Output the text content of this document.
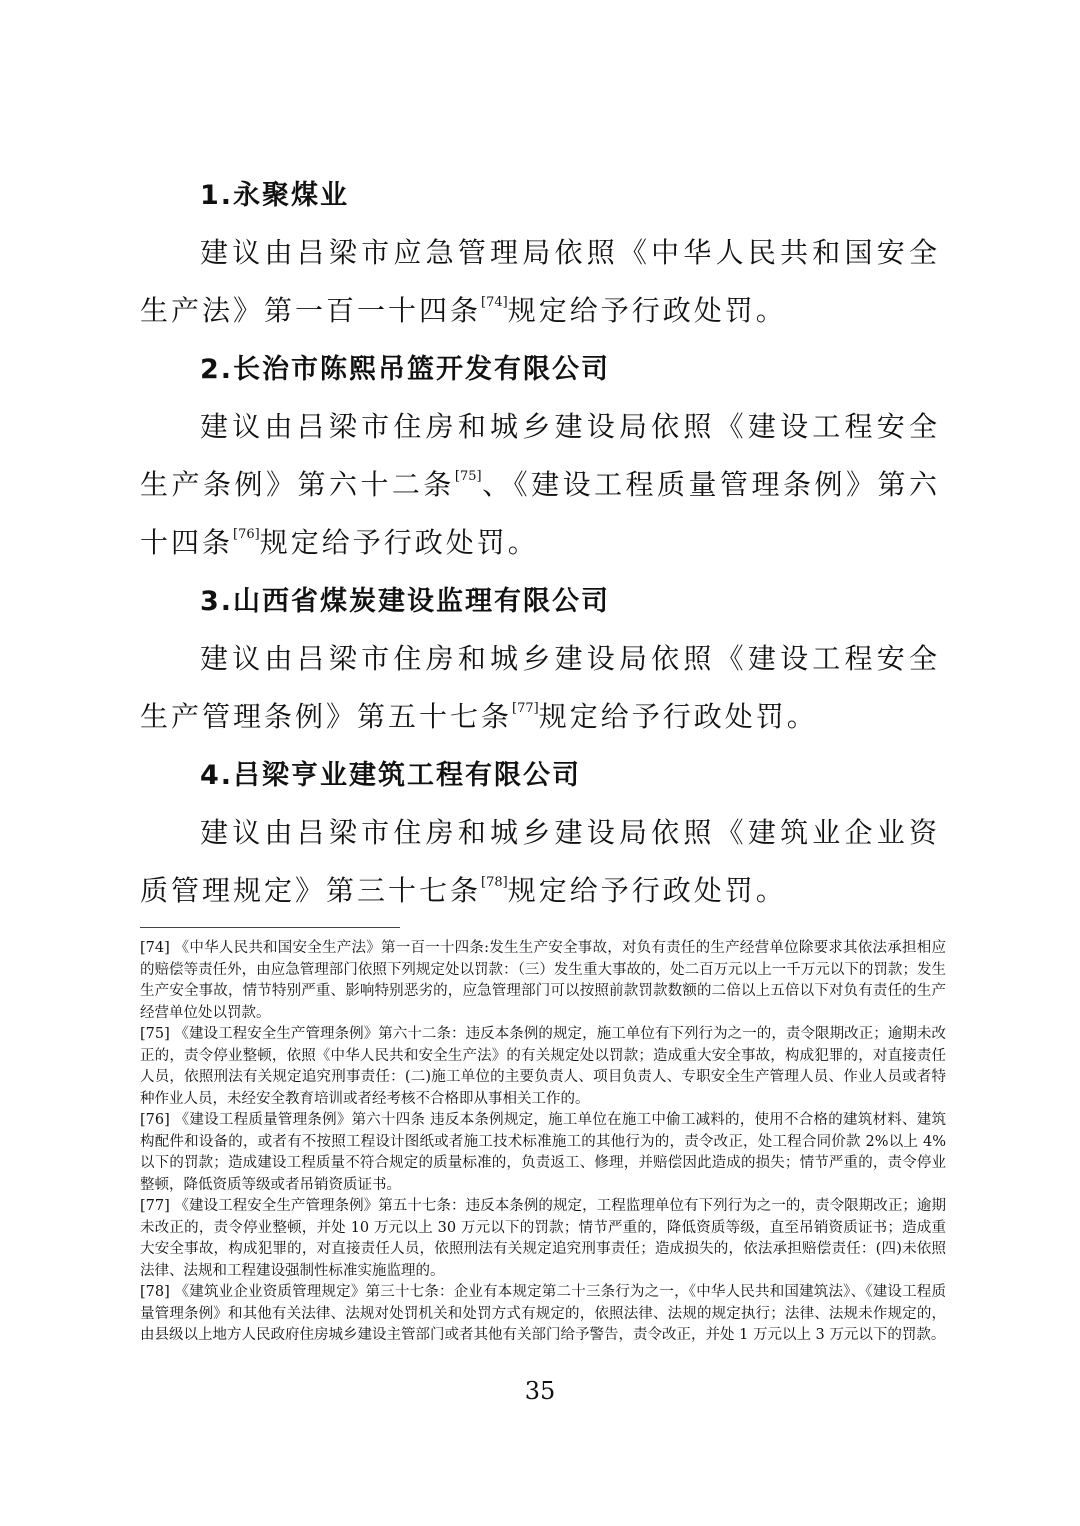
1.永聚煤业

建议由吕梁市应急管理局依照《中华人民共和国安全生产法》第一百一十四条[74]规定给予行政处罚。

2.长治市陈熙吊篮开发有限公司

建议由吕梁市住房和城乡建设局依照《建设工程安全生产条例》第六十二条[75]、《建设工程质量管理条例》第六十四条[76]规定给予行政处罚。

3.山西省煤炭建设监理有限公司

建议由吕梁市住房和城乡建设局依照《建设工程安全生产管理条例》第五十七条[77]规定给予行政处罚。

4.吕梁亨业建筑工程有限公司

建议由吕梁市住房和城乡建设局依照《建筑业企业资质管理规定》第三十七条[78]规定给予行政处罚。

[74] 《中华人民共和国安全生产法》第一百一十四条:发生生产安全事故，对负有责任的生产经营单位除要求其依法承担相应的赔偿等责任外，由应急管理部门依照下列规定处以罚款：（三）发生重大事故的，处二百万元以上一千万元以下的罚款；发生生产安全事故，情节特别严重、影响特别恶劣的，应急管理部门可以按照前款罚款数额的二倍以上五倍以下对负有责任的生产经营单位处以罚款。

[75] 《建设工程安全生产管理条例》第六十二条：违反本条例的规定，施工单位有下列行为之一的，责令限期改正；逾期未改正的，责令停业整顿，依照《中华人民共和安全生产法》的有关规定处以罚款；造成重大安全事故，构成犯罪的，对直接责任人员，依照刑法有关规定追究刑事责任：(二)施工单位的主要负责人、项目负责人、专职安全生产管理人员、作业人员或者特种作业人员，未经安全教育培训或者经考核不合格即从事相关工作的。

[76] 《建设工程质量管理条例》第六十四条 违反本条例规定，施工单位在施工中偷工减料的，使用不合格的建筑材料、建筑构配件和设备的，或者有不按照工程设计图纸或者施工技术标准施工的其他行为的，责令改正，处工程合同价款 2%以上 4%以下的罚款；造成建设工程质量不符合规定的质量标准的，负责返工、修理，并赔偿因此造成的损失；情节严重的，责令停业整顿，降低资质等级或者吊销资质证书。

[77] 《建设工程安全生产管理条例》第五十七条：违反本条例的规定，工程监理单位有下列行为之一的，责令限期改正；逾期未改正的，责令停业整顿，并处 10 万元以上 30 万元以下的罚款；情节严重的，降低资质等级，直至吊销资质证书；造成重大安全事故，构成犯罪的，对直接责任人员，依照刑法有关规定追究刑事责任；造成损失的，依法承担赔偿责任：(四)未依照法律、法规和工程建设强制性标准实施监理的。

[78] 《建筑业企业资质管理规定》第三十七条：企业有本规定第二十三条行为之一，《中华人民共和国建筑法》、《建设工程质量管理条例》和其他有关法律、法规对处罚机关和处罚方式有规定的，依照法律、法规的规定执行；法律、法规未作规定的，由县级以上地方人民政府住房城乡建设主管部门或者其他有关部门给予警告，责令改正，并处 1 万元以上 3 万元以下的罚款。

35
